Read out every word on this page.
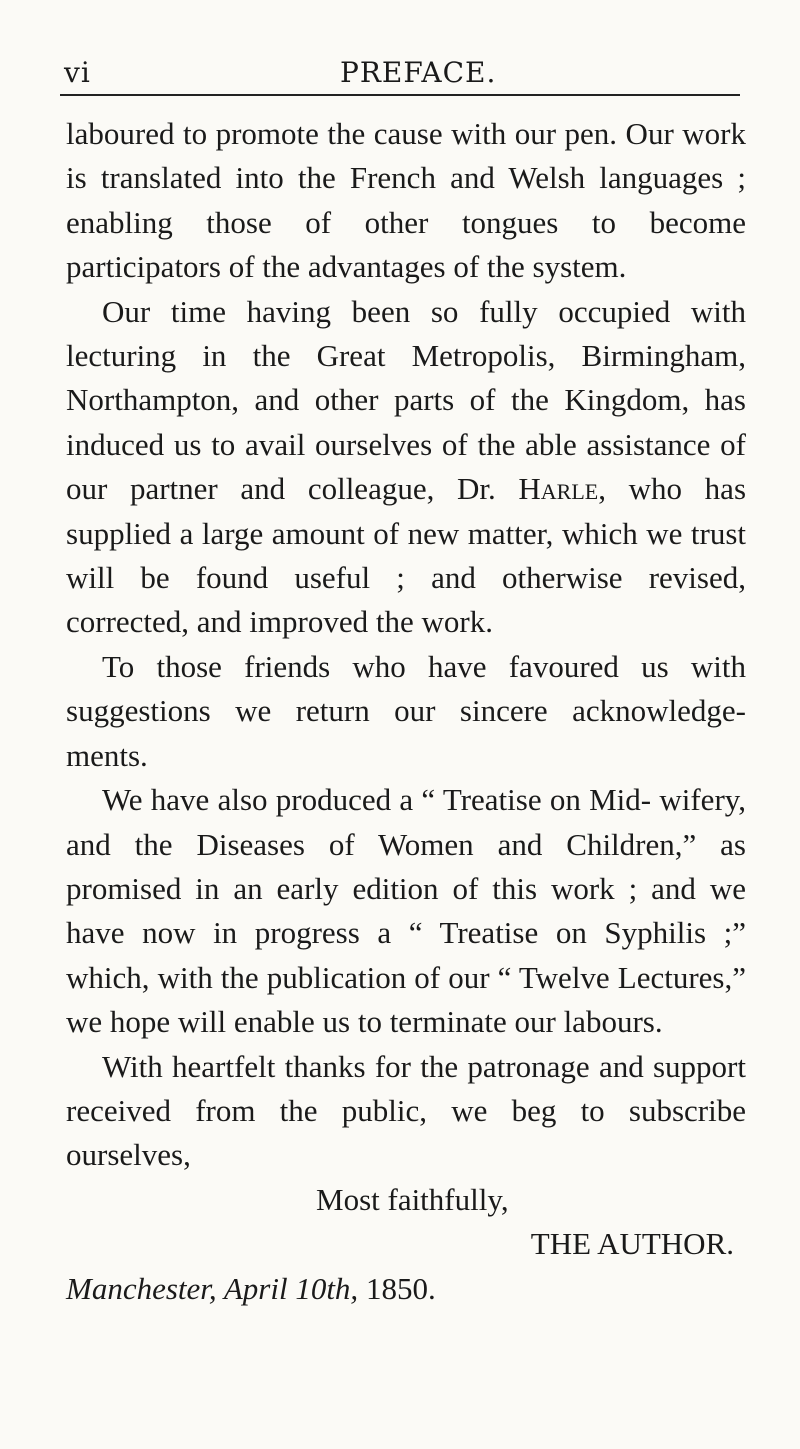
vi	PREFACE.

laboured to promote the cause with our pen. Our work is translated into the French and Welsh languages ; enabling those of other tongues to become participators of the advantages of the system.

Our time having been so fully occupied with lecturing in the Great Metropolis, Birmingham, Northampton, and other parts of the Kingdom, has induced us to avail ourselves of the able assistance of our partner and colleague, Dr. Harle, who has supplied a large amount of new matter, which we trust will be found useful ; and otherwise revised, corrected, and improved the work.

To those friends who have favoured us with suggestions we return our sincere acknowledge- ments.

We have also produced a “ Treatise on Mid- wifery, and the Diseases of Women and Children,” as promised in an early edition of this work ; and we have now in progress a “ Treatise on Syphilis ;” which, with the publication of our “ Twelve Lectures,” we hope will enable us to terminate our labours.

With heartfelt thanks for the patronage and support received from the public, we beg to subscribe ourselves,

Most faithfully,

THE AUTHOR.

Manchester, April 10th, 1850.
